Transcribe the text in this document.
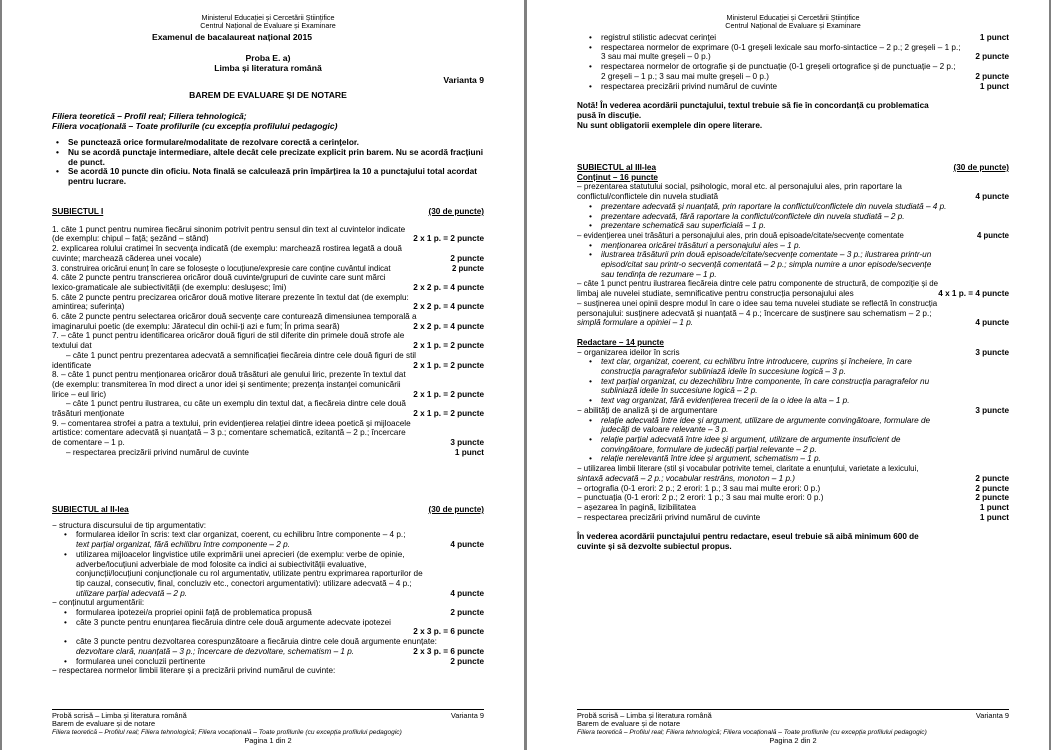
Ministerul Educației și Cercetării Științifice
Centrul Național de Evaluare și Examinare
Examenul de bacalaureat național 2015
Proba E. a)
Limba și literatura română
Varianta 9
BAREM DE EVALUARE ȘI DE NOTARE
Filiera teoretică – Profil real; Filiera tehnologică;
Filiera vocațională – Toate profilurile (cu excepția profilului pedagogic)
• Se punctează orice formulare/modalitate de rezolvare corectă a cerințelor.
• Nu se acordă punctaje intermediare, altele decât cele precizate explicit prin barem. Nu se acordă fracțiuni de punct.
• Se acordă 10 puncte din oficiu. Nota finală se calculează prin împărțirea la 10 a punctajului total acordat pentru lucrare.
SUBIECTUL I	(30 de puncte)
1. câte 1 punct pentru numirea fiecărui sinonim potrivit pentru sensul din text al cuvintelor indicate
(de exemplu: chipul – față; șezând – stând)	2 x 1 p. = 2 puncte
2. explicarea rolului cratimei în secvența indicată (de exemplu: marchează rostirea legată a două
cuvinte; marchează căderea unei vocale)	2 puncte
3. construirea oricărui enunț în care se folosește o locuțiune/expresie care conține cuvântul indicat	2 puncte
4. câte 2 puncte pentru transcrierea oricăror două cuvinte/grupuri de cuvinte care sunt mărci
lexico-gramaticale ale subiectivității (de exemplu: desluşesc; îmi)	2 x 2 p. = 4 puncte
5. câte 2 puncte pentru precizarea oricăror două motive literare prezente în textul dat (de exemplu:
amintirea; suferința)	2 x 2 p. = 4 puncte
6. câte 2 puncte pentru selectarea oricăror două secvențe care conturează dimensiunea temporală a
imaginarului poetic (de exemplu: Jăratecul din ochii-ți azi e fum; În prima seară)	2 x 2 p. = 4 puncte
7. – câte 1 punct pentru identificarea oricăror două figuri de stil diferite din primele două strofe ale
textului dat	2 x 1 p. = 2 puncte
– câte 1 punct pentru prezentarea adecvată a semnificației fiecăreia dintre cele două figuri de stil
identificate	2 x 1 p. = 2 puncte
8. – câte 1 punct pentru menționarea oricăror două trăsături ale genului liric, prezente în textul dat
(de exemplu: transmiterea în mod direct a unor idei și sentimente; prezența instanței comunicării
lirice – eul liric)	2 x 1 p. = 2 puncte
– câte 1 punct pentru ilustrarea, cu câte un exemplu din textul dat, a fiecăreia dintre cele două
trăsături menționate	2 x 1 p. = 2 puncte
9. – comentarea strofei a patra a textului, prin evidențierea relației dintre ideea poetică și mijloacele
artistice: comentare adecvată și nuanțată – 3 p.; comentare schematică, ezitantă – 2 p.; încercare
de comentare – 1 p.	3 puncte
– respectarea precizării privind numărul de cuvinte	1 punct
SUBIECTUL al II-lea	(30 de puncte)
− structura discursului de tip argumentativ:
• formularea ideilor în scris: text clar organizat, coerent, cu echilibru între componente – 4 p.;
text parțial organizat, fără echilibru între componente – 2 p.	4 puncte
• utilizarea mijloacelor lingvistice utile exprimării unei aprecieri (de exemplu: verbe de opinie,
adverbe/locuțiuni adverbiale de mod folosite ca indici ai subiectivității evaluative,
conjuncții/locuțiuni conjuncționale cu rol argumentativ, utilizate pentru exprimarea raporturilor de
tip cauzal, consecutiv, final, concluziv etc., conectori argumentativi): utilizare adecvată – 4 p.;
utilizare parțial adecvată – 2 p.	4 puncte
− conținutul argumentării:
• formularea ipotezei/a propriei opinii față de problematica propusă	2 puncte
• câte 3 puncte pentru enunțarea fiecăruia dintre cele două argumente adecvate ipotezei
2 x 3 p. = 6 puncte
• câte 3 puncte pentru dezvoltarea corespunzătoare a fiecăruia dintre cele două argumente enunțate:
dezvoltare clară, nuanțată – 3 p.; încercare de dezvoltare, schematism – 1 p.	2 x 3 p. = 6 puncte
• formularea unei concluzii pertinente	2 puncte
− respectarea normelor limbii literare și a precizării privind numărul de cuvinte:
Probă scrisă – Limba și literatura română	Varianta 9
Barem de evaluare și de notare
Filiera teoretică – Profilul real; Filiera tehnologică; Filiera vocațională – Toate profilurile (cu excepția profilului pedagogic)
Pagina 1 din 2
Ministerul Educației și Cercetării Științifice
Centrul Național de Evaluare și Examinare
• registrul stilistic adecvat cerinței	1 punct
• respectarea normelor de exprimare (0-1 greșeli lexicale sau morfo-sintactice – 2 p.; 2 greșeli – 1 p.;
3 sau mai multe greșeli – 0 p.)	2 puncte
• respectarea normelor de ortografie și de punctuație (0-1 greșeli ortografice și de punctuație – 2 p.;
2 greșeli – 1 p.; 3 sau mai multe greșeli – 0 p.)	2 puncte
• respectarea precizării privind numărul de cuvinte	1 punct
Notă! În vederea acordării punctajului, textul trebuie să fie în concordanță cu problematica
pusă în discuție.
Nu sunt obligatorii exemplele din opere literare.
SUBIECTUL al III-lea	(30 de puncte)
Conținut – 16 puncte
– prezentarea statutului social, psihologic, moral etc. al personajului ales, prin raportare la
conflictul/conflictele din nuvela studiată	4 puncte
• prezentare adecvată și nuanțată, prin raportare la conflictul/conflictele din nuvela studiată – 4 p.
• prezentare adecvată, fără raportare la conflictul/conflictele din nuvela studiată – 2 p.
• prezentare schematică sau superficială – 1 p.
– evidențierea unei trăsături a personajului ales, prin două episoade/citate/secvențe comentate	4 puncte
• menționarea oricărei trăsături a personajului ales – 1 p.
• ilustrarea trăsăturii prin două episoade/citate/secvențe comentate – 3 p.; ilustrarea printr-un
episod/citat sau printr-o secvență comentată – 2 p.; simpla numire a unor episode/secvențe
sau tendința de rezumare – 1 p.
– câte 1 punct pentru ilustrarea fiecăreia dintre cele patru componente de structură, de compoziție și de
limbaj ale nuvelei studiate, semnificative pentru construcția personajului ales	4 x 1 p. = 4 puncte
– susținerea unei opinii despre modul în care o idee sau tema nuvelei studiate se reflectă în construcția
personajului: susținere adecvată și nuanțată – 4 p.; încercare de susținere sau schematism – 2 p.;
simplă formulare a opiniei – 1 p.	4 puncte
Redactare – 14 puncte
− organizarea ideilor în scris	3 puncte
• text clar, organizat, coerent, cu echilibru între introducere, cuprins și încheiere, în care
construcția paragrafelor subliniază ideile în succesiune logică – 3 p.
• text parțial organizat, cu dezechilibru între componente, în care construcția paragrafelor nu
subliniază ideile în succesiune logică – 2 p.
• text vag organizat, fără evidențierea trecerii de la o idee la alta – 1 p.
− abilități de analiză și de argumentare	3 puncte
• relație adecvată între idee și argument, utilizare de argumente convingătoare, formulare de
judecăți de valoare relevante – 3 p.
• relație parțial adecvată între idee și argument, utilizare de argumente insuficient de
convingătoare, formulare de judecăți parțial relevante – 2 p.
• relație nerelevantă între idee și argument, schematism – 1 p.
− utilizarea limbii literare (stil și vocabular potrivite temei, claritate a enunțului, varietate a lexicului,
sintaxă adecvată – 2 p.; vocabular restrâns, monoton – 1 p.)	2 puncte
− ortografia (0-1 erori: 2 p.; 2 erori: 1 p.; 3 sau mai multe erori: 0 p.)	2 puncte
− punctuația (0-1 erori: 2 p.; 2 erori: 1 p.; 3 sau mai multe erori: 0 p.)	2 puncte
− așezarea în pagină, lizibilitatea	1 punct
− respectarea precizării privind numărul de cuvinte	1 punct
În vederea acordării punctajului pentru redactare, eseul trebuie să aibă minimum 600 de
cuvinte și să dezvolte subiectul propus.
Probă scrisă – Limba și literatura română	Varianta 9
Barem de evaluare și de notare
Filiera teoretică – Profilul real; Filiera tehnologică; Filiera vocațională – Toate profilurile (cu excepția profilului pedagogic)
Pagina 2 din 2
